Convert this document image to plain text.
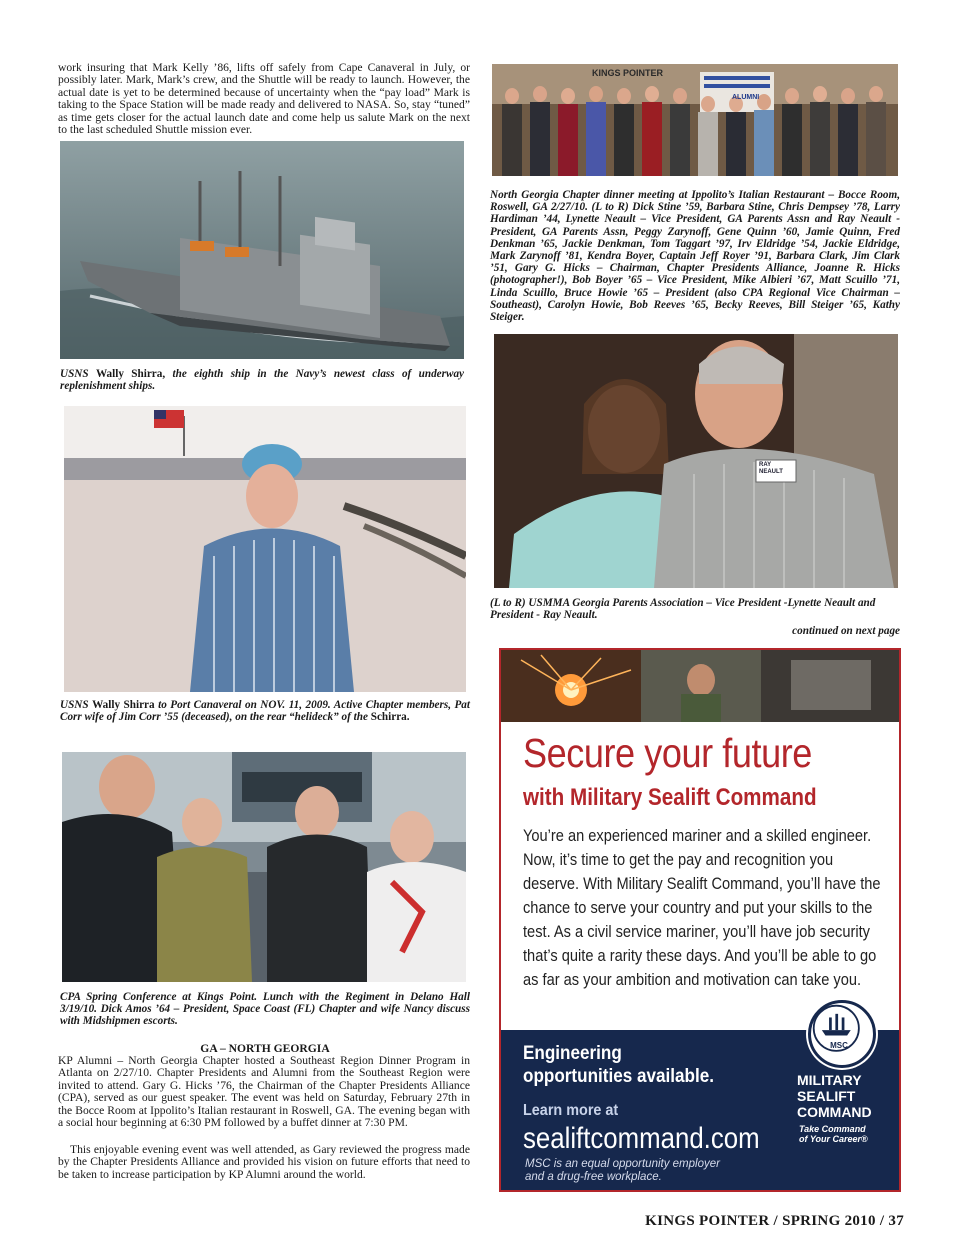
work insuring that Mark Kelly ’86, lifts off safely from Cape Canaveral in July, or possibly later. Mark, Mark’s crew, and the Shuttle will be ready to launch. However, the actual date is yet to be determined because of uncertainty when the “pay load” Mark is taking to the Space Station will be made ready and delivered to NASA. So, stay “tuned” as time gets closer for the actual launch date and come help us salute Mark on the next to the last scheduled Shuttle mission ever.
USNS Wally Shirra, the eighth ship in the Navy’s newest class of underway replenishment ships.
USNS Wally Shirra to Port Canaveral on NOV. 11, 2009. Active Chapter members, Pat Corr wife of Jim Corr ’55 (deceased), on the rear “helideck” of the Schirra.
CPA Spring Conference at Kings Point. Lunch with the Regiment in Delano Hall 3/19/10. Dick Amos ’64 – President, Space Coast (FL) Chapter and wife Nancy discuss with Midshipmen escorts.
GA – NORTH GEORGIA
KP Alumni – North Georgia Chapter hosted a Southeast Region Dinner Program in Atlanta on 2/27/10. Chapter Presidents and Alumni from the Southeast Region were invited to attend. Gary G. Hicks ’76, the Chairman of the Chapter Presidents Alliance (CPA), served as our guest speaker. The event was held on Saturday, February 27th in the Bocce Room at Ippolito’s Italian restaurant in Roswell, GA. The evening began with a social hour beginning at 6:30 PM followed by a buffet dinner at 7:30 PM.
This enjoyable evening event was well attended, as Gary reviewed the progress made by the Chapter Presidents Alliance and provided his vision on future efforts that need to be taken to increase participation by KP Alumni around the world.
KINGS POINTER
ALUMNI
North Georgia Chapter dinner meeting at Ippolito’s Italian Restaurant – Bocce Room, Roswell, GA 2/27/10. (L to R) Dick Stine ’59, Barbara Stine, Chris Dempsey ’78, Larry Hardiman ’44, Lynette Neault – Vice President, GA Parents Assn and Ray Neault - President, GA Parents Assn, Peggy Zarynoff, Gene Quinn ’60, Jamie Quinn, Fred Denkman ’65, Jackie Denkman, Tom Taggart ’97, Irv Eldridge ’54, Jackie Eldridge, Mark Zarynoff ’81, Kendra Boyer, Captain Jeff Royer ’91, Barbara Clark, Jim Clark ’51, Gary G. Hicks – Chairman, Chapter Presidents Alliance, Joanne R. Hicks (photographer!), Bob Boyer ’65 – Vice President, Mike Albieri ’67, Matt Scuillo ’71, Linda Scuillo, Bruce Howie ’65 – President (also CPA Regional Vice Chairman – Southeast), Carolyn Howie, Bob Reeves ’65, Becky Reeves, Bill Steiger ’65, Kathy Steiger.
RAY NEAULT
(L to R) USMMA Georgia Parents Association – Vice President -Lynette Neault and President - Ray Neault.
continued on next page
Secure your future
with Military Sealift Command
You’re an experienced mariner and a skilled engineer. Now, it’s time to get the pay and recognition you deserve. With Military Sealift Command, you’ll have the chance to serve your country and put your skills to the test. As a civil service mariner, you’ll have job security that’s quite a rarity these days. And you’ll be able to go as far as your ambition and motivation can take you.
Engineering
opportunities available.
Learn more at
sealiftcommand.com
MSC is an equal opportunity employer
and a drug-free workplace.
MSC
MILITARY
SEALIFT
COMMAND
Take Command
of Your Career®
KINGS POINTER / SPRING 2010 / 37
